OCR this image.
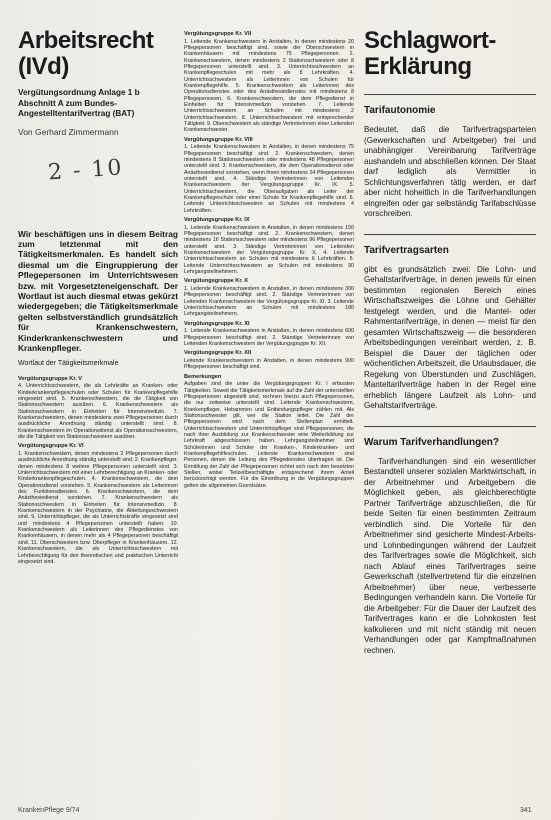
Arbeitsrecht
(IVd)

Vergütungsordnung Anlage 1 b Abschnitt A zum Bundes-Angestelltentarifvertrag (BAT)

Von Gerhard Zimmermann

2 - 10

Wir beschäftigen uns in diesem Beitrag zum letztenmal mit den Tätigkeitsmerkmalen. Es handelt sich diesmal um die Eingruppierung der Pflegepersonen im Unterrichtswesen bzw. mit Vorgesetzteneigenschaft. Der Wortlaut ist auch diesmal etwas gekürzt wiedergegeben; die Tätigkeitsmerkmale gelten selbstverständlich grundsätzlich für Krankenschwestern, Kinderkrankenschwestern und Krankenpfleger.

Wortlaut der Tätigkeitsmerkmale

Vergütungsgruppe Kr. V

4. Unterrichtsschwestern, die als Lehrkräfte an Kranken- oder Kinderkrankenpflegeschulen oder Schulen für Krankenpflegehilfe eingesetzt sind. 5. Krankenschwestern, die die Tätigkeit von Stationsschwestern ausüben. 6. Krankenschwestern als Stationsschwestern in Einheiten für Intensivmedizin. 7. Krankenschwestern, denen mindestens zwei Pflegepersonen durch ausdrückliche Anordnung ständig unterstellt sind. 8. Krankenschwestern im Operationsdienst als Operationsschwestern, die die Tätigkeit von Stationsschwestern ausüben.

Vergütungsgruppe Kr. VI

1. Krankenschwestern, denen mindestens 2 Pflegepersonen durch ausdrückliche Anordnung ständig unterstellt sind. 2. Krankenpfleger, denen mindestens 8 weitere Pflegepersonen unterstellt sind. 3. Unterrichtsschwestern mit einer Lehrberechtigung an Kranken- oder Kinderkrankenpflegeschulen. 4. Krankenschwestern, die dem Operationsdienst vorstehen. 5. Krankenschwestern als Leiterinnen des Funktionsdienstes. 6. Krankenschwestern, die dem Anästhesiedienst vorstehen. 7. Krankenschwestern als Stationsschwestern in Einheiten für Intensivmedizin. 8. Krankenschwestern in der Psychiatrie, die Abteilungsschwestern sind. 9. Unterrichtspfleger, die als Unterrichtskräfte eingesetzt sind und mindestens 4 Pflegepersonen unterstellt haben. 10. Krankenschwestern als Leiterinnen des Pflegedienstes von Krankenhäusern, in denen mehr als 4 Pflegepersonen beschäftigt sind. 11. Oberschwestern bzw. Oberpfleger in Krankenhäusern. 12. Krankenschwestern, die als Unterrichtsschwestern mit Lehrberechtigung für den theoretischen und praktischen Unterricht eingesetzt sind.

Vergütungsgruppe Kr. VII

1. Leitende Krankenschwestern in Anstalten, in denen mindestens 20 Pflegepersonen beschäftigt sind, sowie die Oberschwestern in Krankenhäusern mit mindestens 75 Pflegepersonen. 2. Krankenschwestern, denen mindestens 2 Stationsschwestern oder 8 Pflegepersonen unterstellt sind. 3. Unterrichtsschwestern an Krankenpflegeschulen mit mehr als 8 Lehrkräften. 4. Unterrichtsschwestern als Leiterinnen von Schulen für Krankenpflegehilfe. 5. Krankenschwestern als Leiterinnen des Operationsdienstes oder des Anästhesiedienstes mit mindestens 8 Pflegepersonen. 6. Krankenschwestern, die dem Pflegedienst in Einheiten für Intensivmedizin vorstehen. 7. Leitende Unterrichtsschwestern an Schulen mit mindestens 2 Unterrichtsschwestern. 8. Unterrichtsschwestern mit entsprechender Tätigkeit. 9. Oberschwestern als ständige Vertreterinnen einer Leitenden Krankenschwester.

Vergütungsgruppe Kr. VIII

1. Leitende Krankenschwestern in Anstalten, in denen mindestens 75 Pflegepersonen beschäftigt sind. 2. Krankenschwestern, denen mindestens 8 Stationsschwestern oder mindestens 48 Pflegepersonen unterstellt sind. 3. Krankenschwestern, die dem Operationsdienst oder Anästhesiedienst vorstehen, wenn ihnen mindestens 24 Pflegepersonen unterstellt sind. 4. Ständige Vertreterinnen von Leitenden Krankenschwestern der Vergütungsgruppe Kr. IX. 5. Unterrichtsschwestern, die Oberaufgaben als Leiter der Krankenpflegeschule oder einer Schule für Krankenpflegehilfe sind. 6. Leitende Unterrichtsschwestern an Schulen mit mindestens 4 Lehrkräften.

Vergütungsgruppe Kr. IX

1. Leitende Krankenschwestern in Anstalten, in denen mindestens 150 Pflegepersonen beschäftigt sind. 2. Krankenschwestern, denen mindestens 16 Stationsschwestern oder mindestens 96 Pflegepersonen unterstellt sind. 3. Ständige Vertreterinnen von Leitenden Krankenschwestern der Vergütungsgruppe Kr. X. 4. Leitende Unterrichtsschwestern an Schulen mit mindestens 6 Lehrkräften. 5. Leitende Unterrichtsschwestern an Schulen mit mindestens 90 Lehrgangsteilnehmern.

Vergütungsgruppe Kr. X

1. Leitende Krankenschwestern in Anstalten, in denen mindestens 300 Pflegepersonen beschäftigt sind. 2. Ständige Vertreterinnen von Leitenden Krankenschwestern der Vergütungsgruppe Kr. XI. 3. Leitende Unterrichtsschwestern an Schulen mit mindestens 180 Lehrgangsteilnehmern.

Vergütungsgruppe Kr. XI

1. Leitende Krankenschwestern in Anstalten, in denen mindestens 600 Pflegepersonen beschäftigt sind. 2. Ständige Vertreterinnen von Leitenden Krankenschwestern der Vergütungsgruppe Kr. XII.

Vergütungsgruppe Kr. XII

Leitende Krankenschwestern in Anstalten, in denen mindestens 900 Pflegepersonen beschäftigt sind.

Bemerkungen

Aufgaben sind die unter die Vergütungsgruppen Kr. I erfassten Tätigkeiten. Soweit die Tätigkeitsmerkmale auf die Zahl der unterstellten Pflegepersonen abgestellt sind, rechnen hierzu auch Pflegepersonen, die nur zeitweise unterstellt sind. Leitende Krankenschwestern, Krankenpfleger, Hebammen und Entbindungspfleger zählen mit. Als Stationsschwester gilt, wer die Station leitet. Die Zahl der Pflegepersonen wird nach dem Stellenplan ermittelt. Unterrichtsschwestern und Unterrichtspfleger sind Pflegepersonen, die nach ihrer Ausbildung zur Krankenschwester eine Weiterbildung zur Lehrkraft abgeschlossen haben. Lehrgangsteilnehmer sind Schülerinnen und Schüler der Kranken-, Kinderkranken- und Krankenpflegehilfeschulen. Leitende Krankenschwestern sind Personen, denen die Leitung des Pflegedienstes übertragen ist. Die Ermittlung der Zahl der Pflegepersonen richtet sich nach den besetzten Stellen, wobei Teilzeitbeschäftigte entsprechend ihrem Anteil berücksichtigt werden. Für die Einordnung in die Vergütungsgruppen gelten die allgemeinen Grundsätze.

Schlagwort-
Erklärung
Tarifautonomie

Bedeutet, daß die Tarifvertragsparteien (Gewerkschaften und Arbeitgeber) frei und unabhängiger Vereinbarung Tarifverträge aushandeln und abschließen können. Der Staat darf lediglich als Vermittler in Schlichtungsverfahren tätig werden, er darf aber nicht hoheitlich in die Tarifverhandlungen eingreifen oder gar selbständig Tarifabschlüsse vorschreiben.

Tarifvertragsarten

gibt es grundsätzlich zwei: Die Lohn- und Gehaltstarifverträge, in denen jeweils für einen bestimmten regionalen Bereich eines Wirtschaftszweiges die Löhne und Gehälter festgelegt werden, und die Mantel- oder Rahmentarifverträge, in denen — meist für den gesamten Wirtschaftszweig — die besonderen Arbeitsbedingungen vereinbart werden, z. B. Beispiel die Dauer der täglichen oder wöchentlichen Arbeitszeit, die Urlaubsdauer, die Regelung von Überstunden und Zuschlägen, Manteltarifverträge haben in der Regel eine erheblich längere Laufzeit als Lohn- und Gehaltstarifverträge.

Warum Tarifverhandlungen?

Tarifverhandlungen sind ein wesentlicher Bestandteil unserer sozialen Marktwirtschaft, in der Arbeitnehmer und Arbeitgebern die Möglichkeit geben, als gleichberechtigte Partner Tarifverträge abzuschließen, die für beide Seiten für einen bestimmten Zeitraum verbindlich sind. Die Vorteile für den Arbeitnehmer sind gesicherte Mindest-Arbeits- und Lohnbedingungen während der Laufzeit des Tarifvertrages sowie die Möglichkeit, sich nach Ablauf eines Tarifvertrages seine Gewerkschaft (stellvertretend für die einzelnen Arbeitnehmer) über neue, verbesserte Bedingungen verhandeln kann. Die Vorteile für die Arbeitgeber: Für die Dauer der Laufzeit des Tarifvertrages kann er die Lohnkosten fest kalkulieren und mit nicht ständig mit neuen Verhandlungen oder gar Kampfmaßnahmen rechnen.

KrankenPflege 9/74	341
